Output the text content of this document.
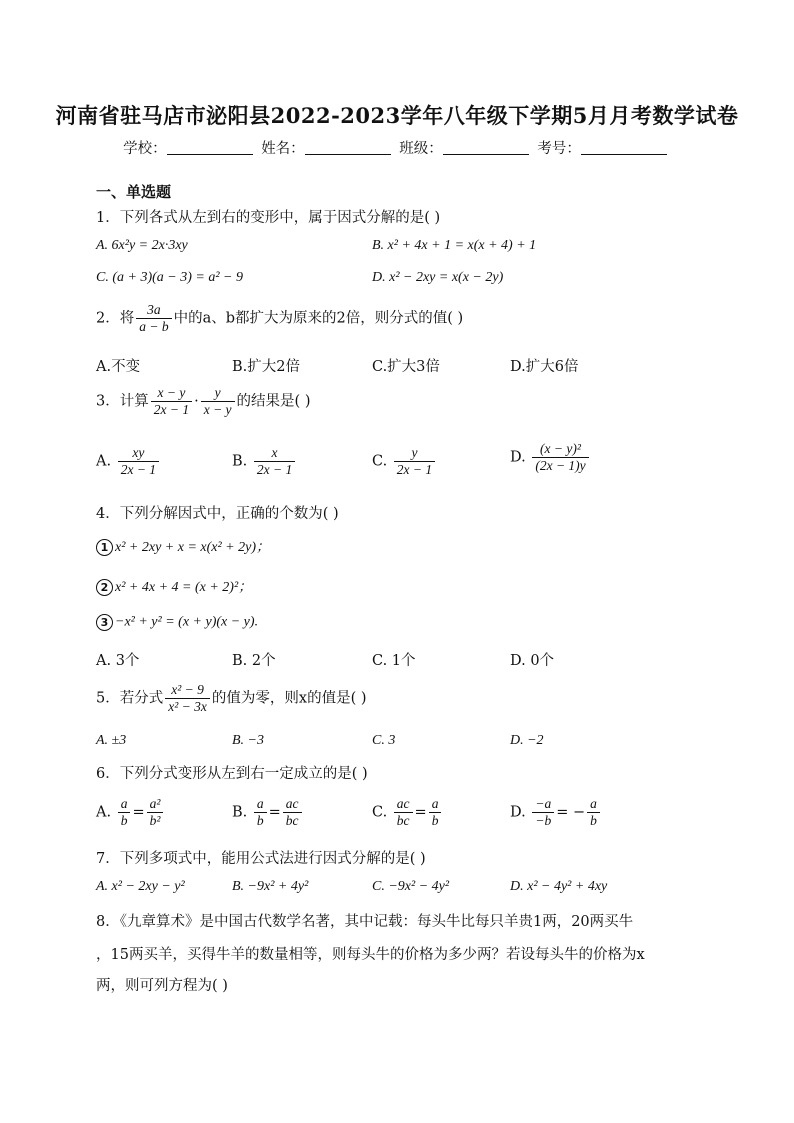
河南省驻马店市泌阳县2022-2023学年八年级下学期5月月考数学试卷
学校：	姓名：	班级：	考号：
一、单选题
1．下列各式从左到右的变形中，属于因式分解的是( )
A. 6x²y = 2x·3xy	B. x² + 4x + 1 = x(x + 4) + 1
C. (a + 3)(a − 3) = a² − 9	D. x² − 2xy = x(x − 2y)
2．将 $\frac{3a}{a - b}$ 中的a、b都扩大为原来的2倍，则分式的值( )
A.不变	B.扩大2倍	C.扩大3倍	D.扩大6倍
3．计算 $\frac{x - y}{2x - 1} \cdot \frac{y}{x - y}$ 的结果是( )
A. $\frac{xy}{2x - 1}$	B. $\frac{x}{2x - 1}$	C. $\frac{y}{2x - 1}$	D. $\frac{\text{(x − y)²}}{(2x - 1)y}$
4．下列分解因式中，正确的个数为( )
1 x² + 2xy + x = x(x² + 2y)；
2 x² + 4x + 4 = (x + 2)²；
3 −x² + y² = (x + y)(x − y).
A. 3个	B. 2个	C. 1个	D. 0个
5．若分式 $\frac{\text{x² − 9}}{\text{x² − 3x}}$ 的值为零，则x的值是( )
A. ±3	B. −3	C. 3	D. −2
6．下列分式变形从左到右一定成立的是( )
A. $\frac{a}{b} = \frac{\text{a²}}{\text{b²}}$	B. $\frac{a}{b} = \frac{ac}{bc}$	C. $\frac{ac}{bc} = \frac{a}{b}$	D. $\frac{-a}{-b}$ = − $\frac{a}{b}$
7．下列多项式中，能用公式法进行因式分解的是( )
A. x² − 2xy − y²	B. −9x² + 4y²	C. −9x² − 4y²	D. x² − 4y² + 4xy
8．《九章算术》是中国古代数学名著，其中记载：每头牛比每只羊贵1两，20两买牛
，15两买羊，买得牛羊的数量相等，则每头牛的价格为多少两？若设每头牛的价格为x
两，则可列方程为( )
